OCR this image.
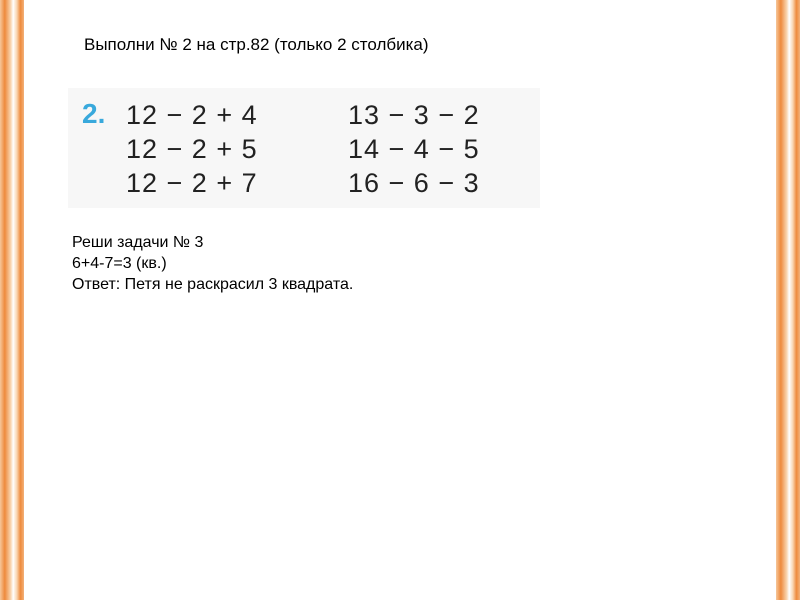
Выполни № 2 на стр.82 (только 2 столбика)
2. 12 − 2 + 4
12 − 2 + 5
12 − 2 + 7
13 − 3 − 2
14 − 4 − 5
16 − 6 − 3
Реши задачи № 3
6+4-7=3 (кв.)
Ответ: Петя не раскрасил 3 квадрата.
